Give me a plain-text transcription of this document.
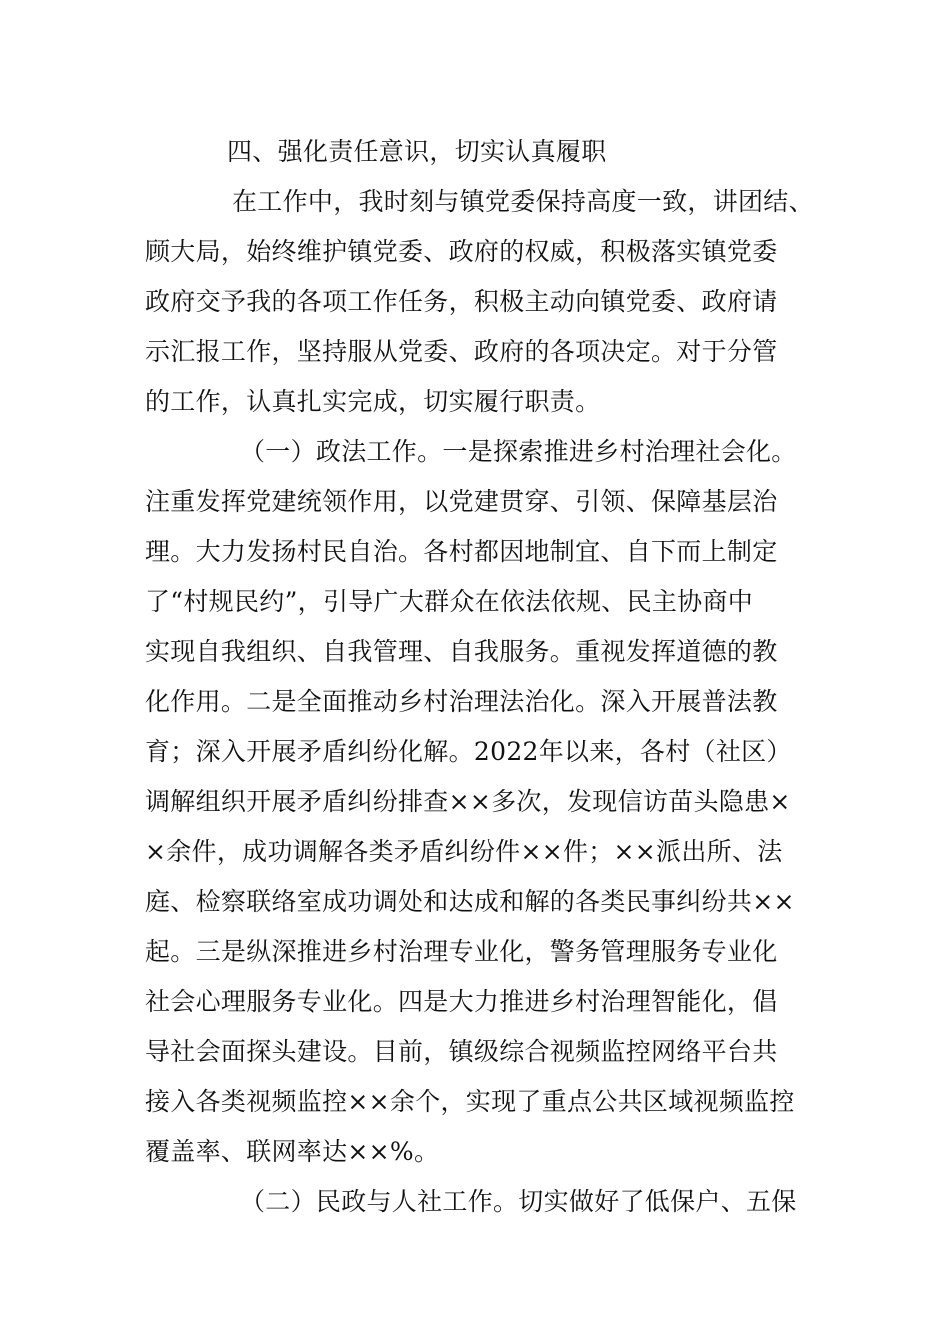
四、强化责任意识，切实认真履职
在工作中，我时刻与镇党委保持高度一致，讲团结、
顾大局，始终维护镇党委、政府的权威，积极落实镇党委
政府交予我的各项工作任务，积极主动向镇党委、政府请
示汇报工作，坚持服从党委、政府的各项决定。对于分管
的工作，认真扎实完成，切实履行职责。
（一）政法工作。一是探索推进乡村治理社会化。
注重发挥党建统领作用，以党建贯穿、引领、保障基层治
理。大力发扬村民自治。各村都因地制宜、自下而上制定
了“村规民约”，引导广大群众在依法依规、民主协商中
实现自我组织、自我管理、自我服务。重视发挥道德的教
化作用。二是全面推动乡村治理法治化。深入开展普法教
育；深入开展矛盾纠纷化解。2022年以来，各村（社区）
调解组织开展矛盾纠纷排查××多次，发现信访苗头隐患×
×余件，成功调解各类矛盾纠纷件××件；××派出所、法
庭、检察联络室成功调处和达成和解的各类民事纠纷共××
起。三是纵深推进乡村治理专业化，警务管理服务专业化
社会心理服务专业化。四是大力推进乡村治理智能化，倡
导社会面探头建设。目前，镇级综合视频监控网络平台共
接入各类视频监控××余个，实现了重点公共区域视频监控
覆盖率、联网率达××%。
（二）民政与人社工作。切实做好了低保户、五保
